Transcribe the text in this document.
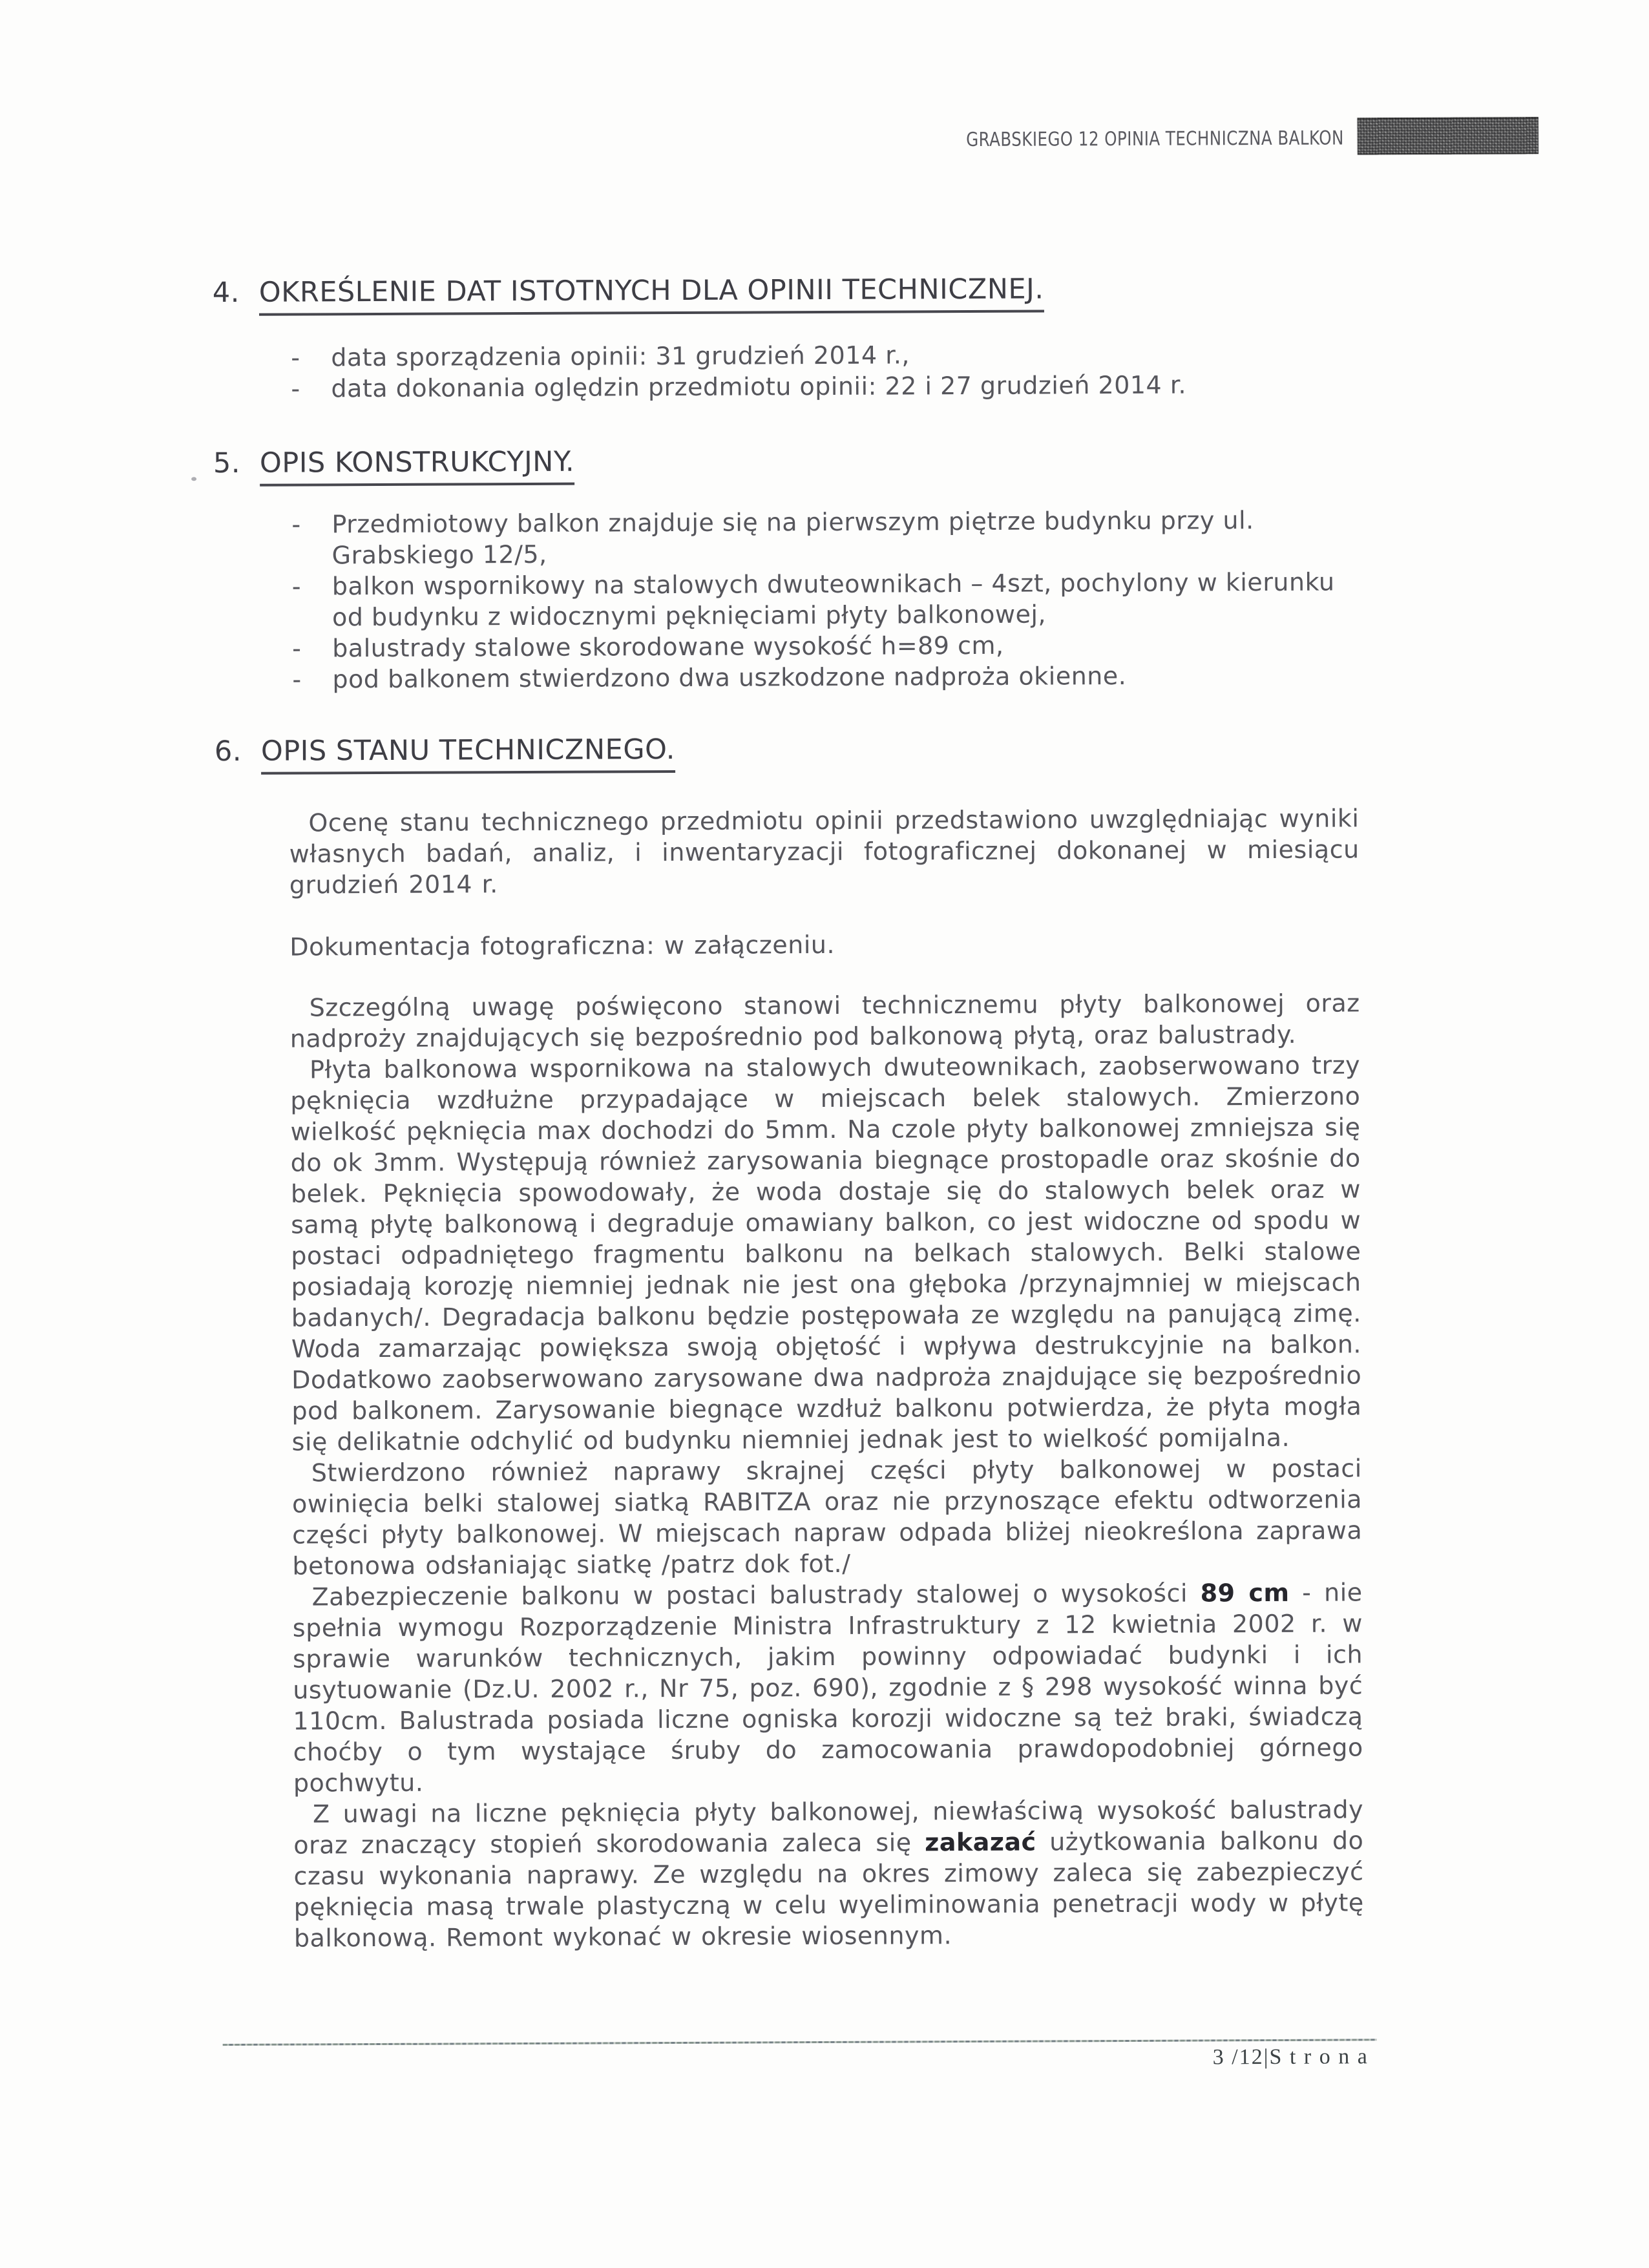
GRABSKIEGO 12 OPINIA TECHNICZNA BALKON
4. OKREŚLENIE DAT ISTOTNYCH DLA OPINII TECHNICZNEJ.
-	data sporządzenia opinii: 31 grudzień 2014 r.,
-	data dokonania oględzin przedmiotu opinii: 22 i 27 grudzień 2014 r.
5. OPIS KONSTRUKCYJNY.
-	Przedmiotowy balkon znajduje się na pierwszym piętrze budynku przy ul. Grabskiego 12/5,
-	balkon wspornikowy na stalowych dwuteownikach – 4szt, pochylony w kierunku od budynku z widocznymi pęknięciami płyty balkonowej,
-	balustrady stalowe skorodowane wysokość h=89 cm,
-	pod balkonem stwierdzono dwa uszkodzone nadproża okienne.
6. OPIS STANU TECHNICZNEGO.

Ocenę stanu technicznego przedmiotu opinii przedstawiono uwzględniając wyniki własnych badań, analiz, i inwentaryzacji fotograficznej dokonanej w miesiącu grudzień 2014 r.

Dokumentacja fotograficzna: w załączeniu.

Szczególną uwagę poświęcono stanowi technicznemu płyty balkonowej oraz nadproży znajdujących się bezpośrednio pod balkonową płytą, oraz balustrady.

Płyta balkonowa wspornikowa na stalowych dwuteownikach, zaobserwowano trzy pęknięcia wzdłużne przypadające w miejscach belek stalowych. Zmierzono wielkość pęknięcia max dochodzi do 5mm. Na czole płyty balkonowej zmniejsza się do ok 3mm. Występują również zarysowania biegnące prostopadle oraz skośnie do belek. Pęknięcia spowodowały, że woda dostaje się do stalowych belek oraz w samą płytę balkonową i degraduje omawiany balkon, co jest widoczne od spodu w postaci odpadniętego fragmentu balkonu na belkach stalowych. Belki stalowe posiadają korozję niemniej jednak nie jest ona głęboka /przynajmniej w miejscach badanych/. Degradacja balkonu będzie postępowała ze względu na panującą zimę. Woda zamarzając powiększa swoją objętość i wpływa destrukcyjnie na balkon. Dodatkowo zaobserwowano zarysowane dwa nadproża znajdujące się bezpośrednio pod balkonem. Zarysowanie biegnące wzdłuż balkonu potwierdza, że płyta mogła się delikatnie odchylić od budynku niemniej jednak jest to wielkość pomijalna.

Stwierdzono również naprawy skrajnej części płyty balkonowej w postaci owinięcia belki stalowej siatką RABITZA oraz nie przynoszące efektu odtworzenia części płyty balkonowej. W miejscach napraw odpada bliżej nieokreślona zaprawa betonowa odsłaniając siatkę /patrz dok fot./

Zabezpieczenie balkonu w postaci balustrady stalowej o wysokości 89 cm - nie spełnia wymogu Rozporządzenie Ministra Infrastruktury z 12 kwietnia 2002 r. w sprawie warunków technicznych, jakim powinny odpowiadać budynki i ich usytuowanie (Dz.U. 2002 r., Nr 75, poz. 690), zgodnie z § 298 wysokość winna być 110cm. Balustrada posiada liczne ogniska korozji widoczne są też braki, świadczą choćby o tym wystające śruby do zamocowania prawdopodobniej górnego pochwytu.

Z uwagi na liczne pęknięcia płyty balkonowej, niewłaściwą wysokość balustrady oraz znaczący stopień skorodowania zaleca się zakazać użytkowania balkonu do czasu wykonania naprawy. Ze względu na okres zimowy zaleca się zabezpieczyć pęknięcia masą trwale plastyczną w celu wyeliminowania penetracji wody w płytę balkonową. Remont wykonać w okresie wiosennym.

3 /12|S t r o n a
